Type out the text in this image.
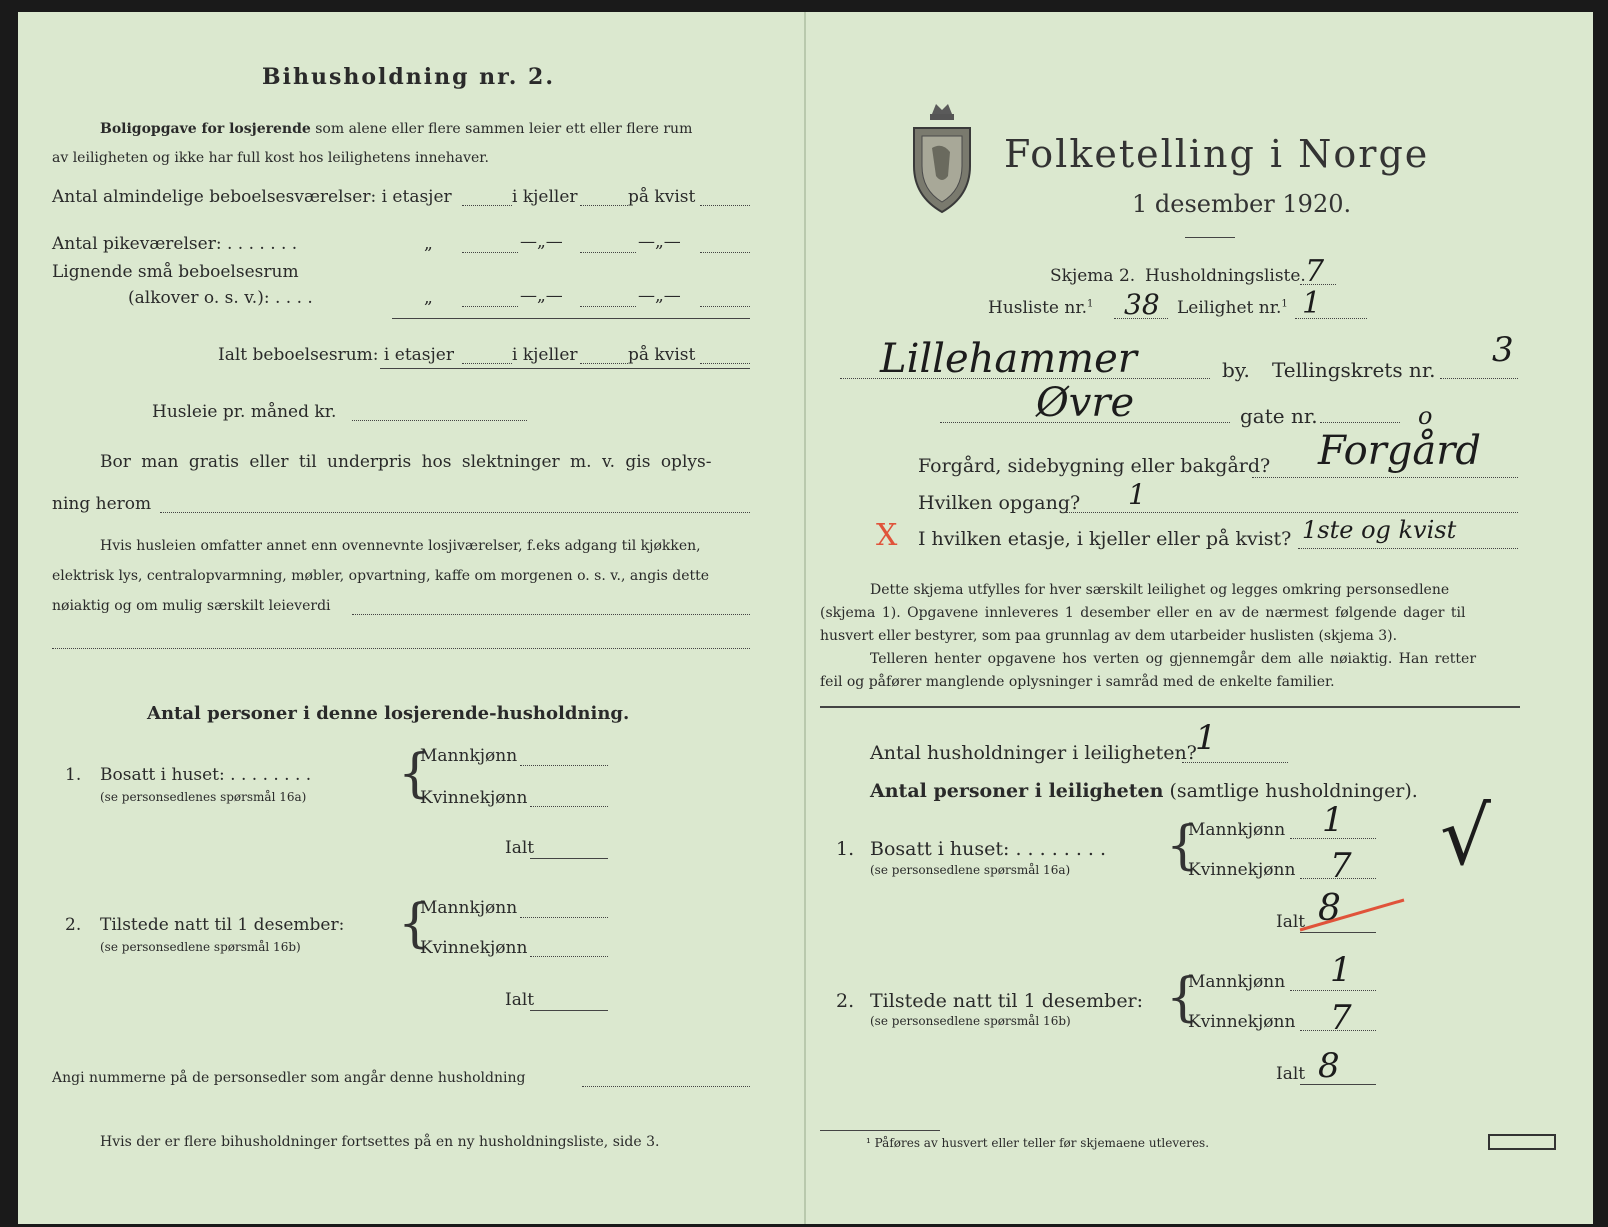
Bihusholdning nr. 2.
Boligopgave for losjerende som alene eller flere sammen leier ett eller flere rum
av leiligheten og ikke har full kost hos leilighetens innehaver.
Antal almindelige beboelsesværelser: i etasjer	i kjeller	på kvist
Antal pikeværelser: . . . . . . .	„	—„—	—„—
Lignende små beboelsesrum
(alkover o. s. v.): . . . .	„	—„—	—„—
Ialt beboelsesrum: i etasjer	i kjeller	på kvist
Husleie pr. måned kr.
Bor man gratis eller til underpris hos slektninger m. v. gis oplys-
ning herom
Hvis husleien omfatter annet enn ovennevnte losjiværelser, f.eks adgang til kjøkken,
elektrisk lys, centralopvarmning, møbler, opvartning, kaffe om morgenen o. s. v., angis dette
nøiaktig og om mulig særskilt leieverdi
Antal personer i denne losjerende-husholdning.
1. Bosatt i huset: . . . . . . . .
(se personsedlenes spørsmål 16a) {
Mannkjønn
Kvinnekjønn
Ialt
2. Tilstede natt til 1 desember:
(se personsedlene spørsmål 16b) {
Mannkjønn
Kvinnekjønn
Ialt
Angi nummerne på de personsedler som angår denne husholdning
Hvis der er flere bihusholdninger fortsettes på en ny husholdningsliste, side 3.
Folketelling i Norge
1 desember 1920.
Skjema 2. Husholdningsliste. 7
Husliste nr.$^1$ 38 Leilighet nr.$^1$ 1
Lillehammer	by. Tellingskrets nr. 3
Øvre	gate nr.	o
Forgård, sidebygning eller bakgård? Forgård
Hvilken opgang? 1
X I hvilken etasje, i kjeller eller på kvist? 1ste og kvist
Dette skjema utfylles for hver særskilt leilighet og legges omkring personsedlene
(skjema 1). Opgavene innleveres 1 desember eller en av de nærmest følgende dager til
husvert eller bestyrer, som paa grunnlag av dem utarbeider huslisten (skjema 3).
Telleren henter opgavene hos verten og gjennemgår dem alle nøiaktig. Han retter
feil og påfører manglende oplysninger i samråd med de enkelte familier.
Antal husholdninger i leiligheten?
1
Antal personer i leiligheten (samtlige husholdninger).
1. Bosatt i huset: . . . . . . . .
(se personsedlene spørsmål 16a) {
Mannkjønn 1
Kvinnekjønn 7
Ialt 8
√
2. Tilstede natt til 1 desember:
(se personsedlene spørsmål 16b) {
Mannkjønn 1
Kvinnekjønn 7
Ialt 8
¹ Påføres av husvert eller teller før skjemaene utleveres.
